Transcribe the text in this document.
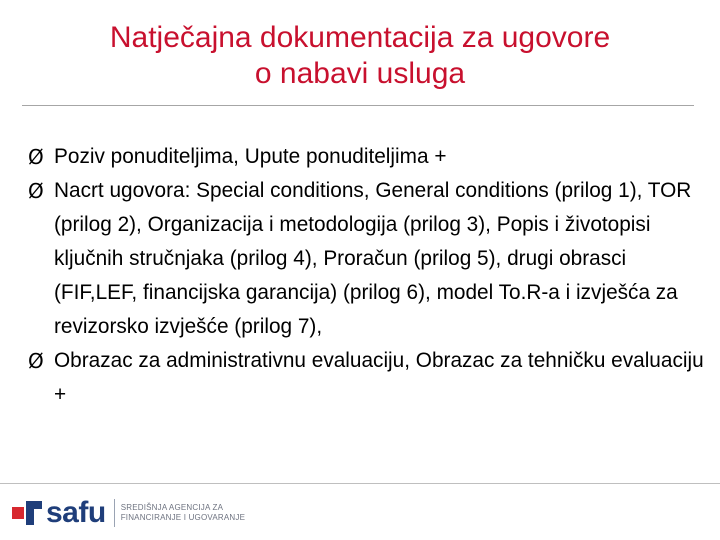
Natječajna dokumentacija za ugovore
o nabavi usluga
Ø Poziv ponuditeljima, Upute ponuditeljima +
Ø Nacrt ugovora: Special conditions, General conditions (prilog 1), TOR (prilog 2), Organizacija i metodologija (prilog 3), Popis i životopisi ključnih stručnjaka (prilog 4), Proračun (prilog 5), drugi obrasci (FIF,LEF, financijska garancija) (prilog 6), model To.R-a i izvješća za revizorsko izvješće (prilog 7),
Ø Obrazac za administrativnu evaluaciju, Obrazac za tehničku evaluaciju +
safu SREDIŠNJA AGENCIJA ZA
FINANCIRANJE I UGOVARANJE
